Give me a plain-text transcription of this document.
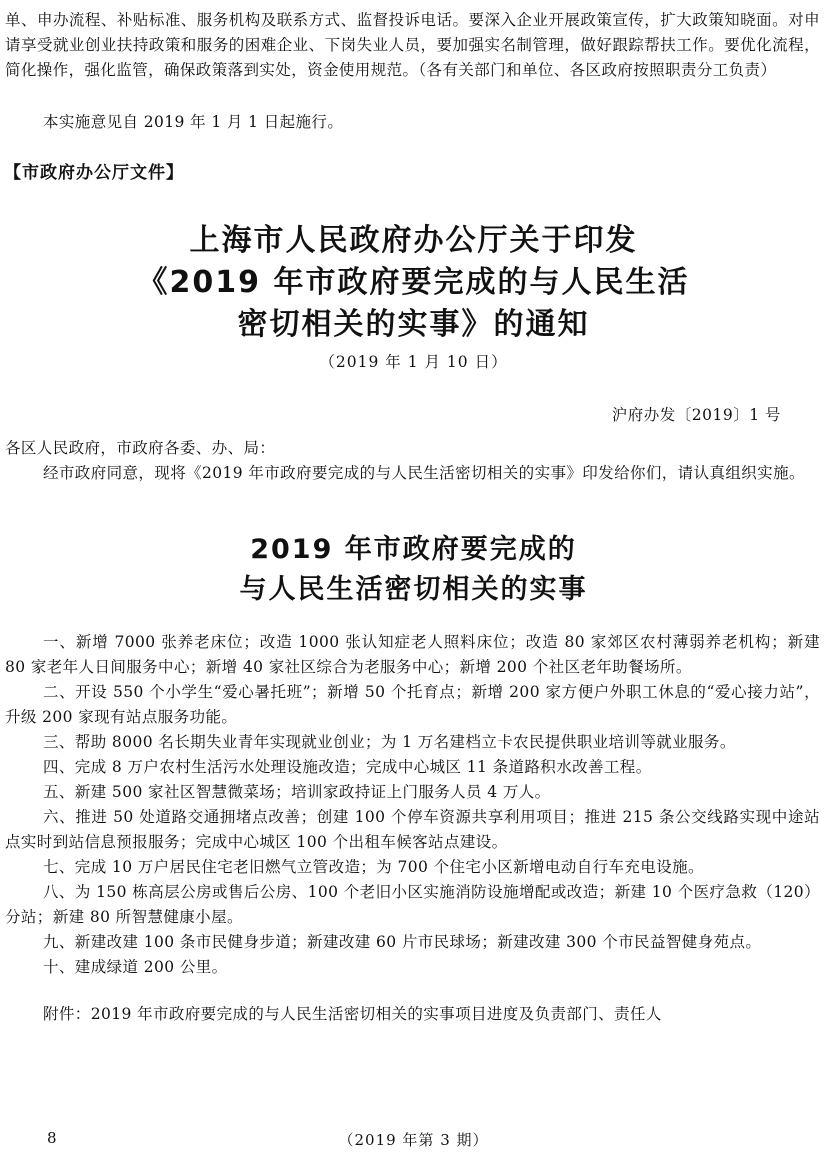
单、申办流程、补贴标准、服务机构及联系方式、监督投诉电话。要深入企业开展政策宣传，扩大政策知晓面。对申请享受就业创业扶持政策和服务的困难企业、下岗失业人员，要加强实名制管理，做好跟踪帮扶工作。要优化流程，简化操作，强化监管，确保政策落到实处，资金使用规范。（各有关部门和单位、各区政府按照职责分工负责）

本实施意见自 2019 年 1 月 1 日起施行。

【市政府办公厅文件】
上海市人民政府办公厅关于印发
《2019 年市政府要完成的与人民生活
密切相关的实事》的通知
（2019 年 1 月 10 日）
沪府办发〔2019〕1 号

各区人民政府，市政府各委、办、局：

经市政府同意，现将《2019 年市政府要完成的与人民生活密切相关的实事》印发给你们，请认真组织实施。

2019 年市政府要完成的
与人民生活密切相关的实事
一、新增 7000 张养老床位；改造 1000 张认知症老人照料床位；改造 80 家郊区农村薄弱养老机构；新建 80 家老年人日间服务中心；新增 40 家社区综合为老服务中心；新增 200 个社区老年助餐场所。
二、开设 550 个小学生“爱心暑托班”；新增 50 个托育点；新增 200 家方便户外职工休息的“爱心接力站”，升级 200 家现有站点服务功能。
三、帮助 8000 名长期失业青年实现就业创业；为 1 万名建档立卡农民提供职业培训等就业服务。
四、完成 8 万户农村生活污水处理设施改造；完成中心城区 11 条道路积水改善工程。
五、新建 500 家社区智慧微菜场；培训家政持证上门服务人员 4 万人。
六、推进 50 处道路交通拥堵点改善；创建 100 个停车资源共享利用项目；推进 215 条公交线路实现中途站点实时到站信息预报服务；完成中心城区 100 个出租车候客站点建设。
七、完成 10 万户居民住宅老旧燃气立管改造；为 700 个住宅小区新增电动自行车充电设施。
八、为 150 栋高层公房或售后公房、100 个老旧小区实施消防设施增配或改造；新建 10 个医疗急救（120）分站；新建 80 所智慧健康小屋。
九、新建改建 100 条市民健身步道；新建改建 60 片市民球场；新建改建 300 个市民益智健身苑点。
十、建成绿道 200 公里。

附件：2019 年市政府要完成的与人民生活密切相关的实事项目进度及负责部门、责任人

8	（2019 年第 3 期）
